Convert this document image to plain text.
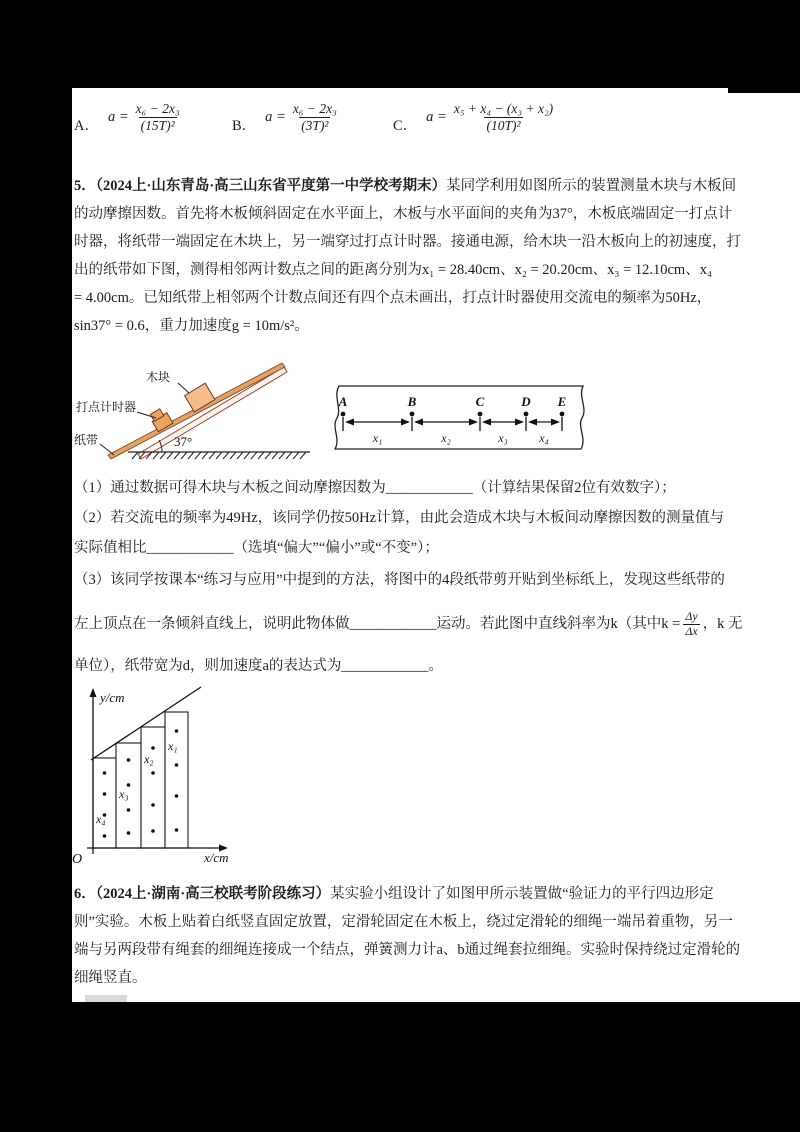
A．
$a = \frac{\text{x₆ − 2x₃}}{\text{(15T)²}}$	B．
$a = \frac{\text{x₆ − 2x₃}}{\text{(3T)²}}$	C．
$a = \frac{\text{x₅ + x₄ − (x₃ + x₂)}}{\text{(10T)²}}$
5．（2024上·山东青岛·高三山东省平度第一中学校考期末）某同学利用如图所示的装置测量木块与木板间
的动摩擦因数。首先将木板倾斜固定在水平面上，木板与水平面间的夹角为37°，木板底端固定一打点计
时器，将纸带一端固定在木块上，另一端穿过打点计时器。接通电源，给木块一沿木板向上的初速度，打
出的纸带如下图，测得相邻两计数点之间的距离分别为x₁ = 28.40cm、x₂ = 20.20cm、x₃ = 12.10cm、x₄
= 4.00cm。已知纸带上相邻两个计数点间还有四个点未画出，打点计时器使用交流电的频率为50Hz，
sin37° = 0.6，重力加速度g = 10m/s²。
木块
打点计时器
纸带	37°
A	B	C	D E
x₁	x₂	x₃	x₄
（1）通过数据可得木块与木板之间动摩擦因数为____________（计算结果保留2位有效数字）；
（2）若交流电的频率为49Hz，该同学仍按50Hz计算，由此会造成木块与木板间动摩擦因数的测量值与
实际值相比____________（选填“偏大”“偏小”或“不变”）；
（3）该同学按课本“练习与应用”中提到的方法，将图中的4段纸带剪开贴到坐标纸上，发现这些纸带的
左上顶点在一条倾斜直线上，说明此物体做____________运动。若此图中直线斜率为k（其中$k = \frac{\Delta y}{\Delta x}$ ，k 无
单位），纸带宽为d，则加速度a的表达式为____________。
x₄
x₃
x₂
x₁
y/cm
x/cm
O
6．（2024上·湖南·高三校联考阶段练习）某实验小组设计了如图甲所示装置做“验证力的平行四边形定
则”实验。木板上贴着白纸竖直固定放置，定滑轮固定在木板上，绕过定滑轮的细绳一端吊着重物，另一
端与另两段带有绳套的细绳连接成一个结点，弹簧测力计a、b通过绳套拉细绳。实验时保持绕过定滑轮的
细绳竖直。
